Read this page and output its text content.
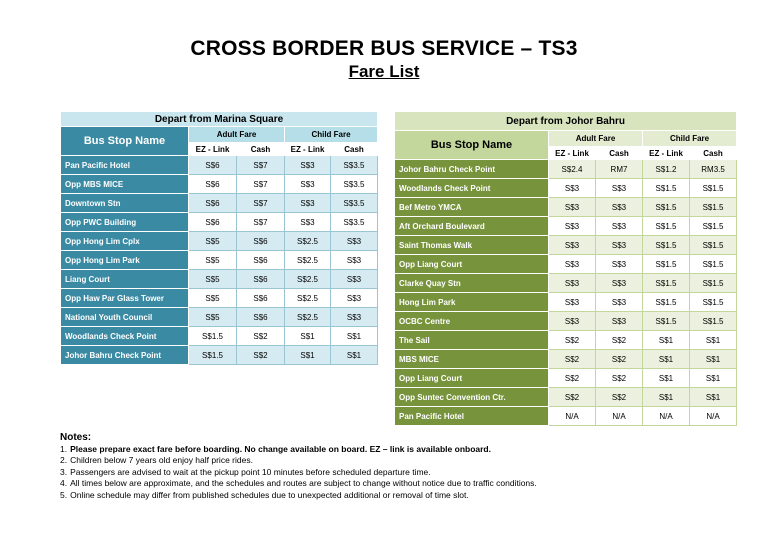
CROSS BORDER BUS SERVICE – TS3
Fare List
Depart from Marina Square				
Bus Stop Name	Adult Fare		Child Fare	
	EZ - Link	Cash	EZ - Link	Cash
Pan Pacific Hotel	S$6	S$7	S$3	S$3.5
Opp MBS MICE	S$6	S$7	S$3	S$3.5
Downtown Stn	S$6	S$7	S$3	S$3.5
Opp PWC Building	S$6	S$7	S$3	S$3.5
Opp Hong Lim Cplx	S$5	S$6	S$2.5	S$3
Opp Hong Lim Park	S$5	S$6	S$2.5	S$3
Liang Court	S$5	S$6	S$2.5	S$3
Opp Haw Par Glass Tower	S$5	S$6	S$2.5	S$3
National Youth Council	S$5	S$6	S$2.5	S$3
Woodlands Check Point	S$1.5	S$2	S$1	S$1
Johor Bahru Check Point	S$1.5	S$2	S$1	S$1
Depart from Johor Bahru				
Bus Stop Name	Adult Fare		Child Fare	
	EZ - Link	Cash	EZ - Link	Cash
Johor Bahru Check Point	S$2.4	RM7	S$1.2	RM3.5
Woodlands Check Point	S$3	S$3	S$1.5	S$1.5
Bef Metro YMCA	S$3	S$3	S$1.5	S$1.5
Aft Orchard Boulevard	S$3	S$3	S$1.5	S$1.5
Saint Thomas Walk	S$3	S$3	S$1.5	S$1.5
Opp Liang Court	S$3	S$3	S$1.5	S$1.5
Clarke Quay Stn	S$3	S$3	S$1.5	S$1.5
Hong Lim Park	S$3	S$3	S$1.5	S$1.5
OCBC Centre	S$3	S$3	S$1.5	S$1.5
The Sail	S$2	S$2	S$1	S$1
MBS MICE	S$2	S$2	S$1	S$1
Opp Liang Court	S$2	S$2	S$1	S$1
Opp Suntec Convention Ctr.	S$2	S$2	S$1	S$1
Pan Pacific Hotel	N/A	N/A	N/A	N/A
Notes:
1. Please prepare exact fare before boarding. No change available on board. EZ – link is available onboard.
2. Children below 7 years old enjoy half price rides.
3. Passengers are advised to wait at the pickup point 10 minutes before scheduled departure time.
4. All times below are approximate, and the schedules and routes are subject to change without notice due to traffic conditions.
5. Online schedule may differ from published schedules due to unexpected additional or removal of time slot.
